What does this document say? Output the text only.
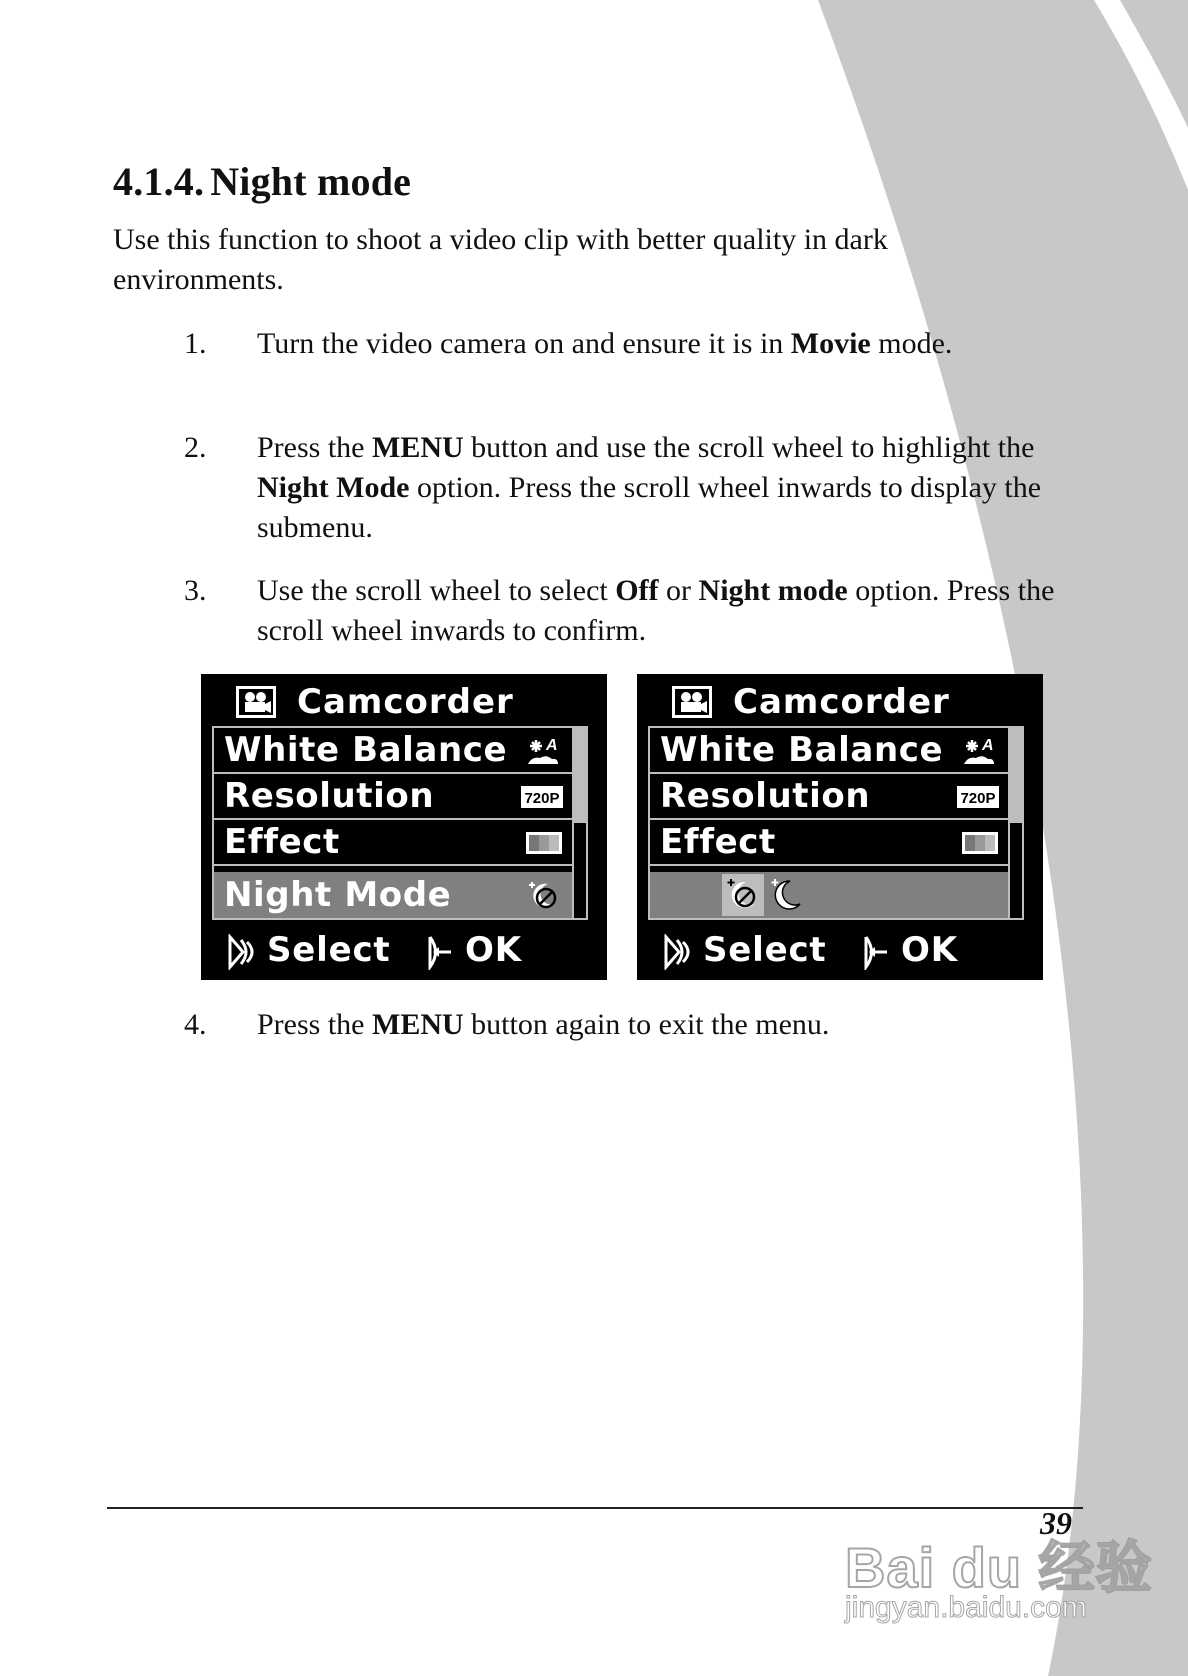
4.1.4. Night mode

Use this function to shoot a video clip with better quality in dark environments.

1. Turn the video camera on and ensure it is in Movie mode.
2. Press the MENU button and use the scroll wheel to highlight the Night Mode option. Press the scroll wheel inwards to display the submenu.
3. Use the scroll wheel to select Off or Night mode option. Press the scroll wheel inwards to confirm.
Camcorder
White Balance A
Resolution	720P
Effect
Night Mode
Select OK
Camcorder
White Balance A
Resolution	720P
Effect
Select OK
4. Press the MENU button again to exit the menu.
39
Bai du 经验
jingyan.baidu.com
